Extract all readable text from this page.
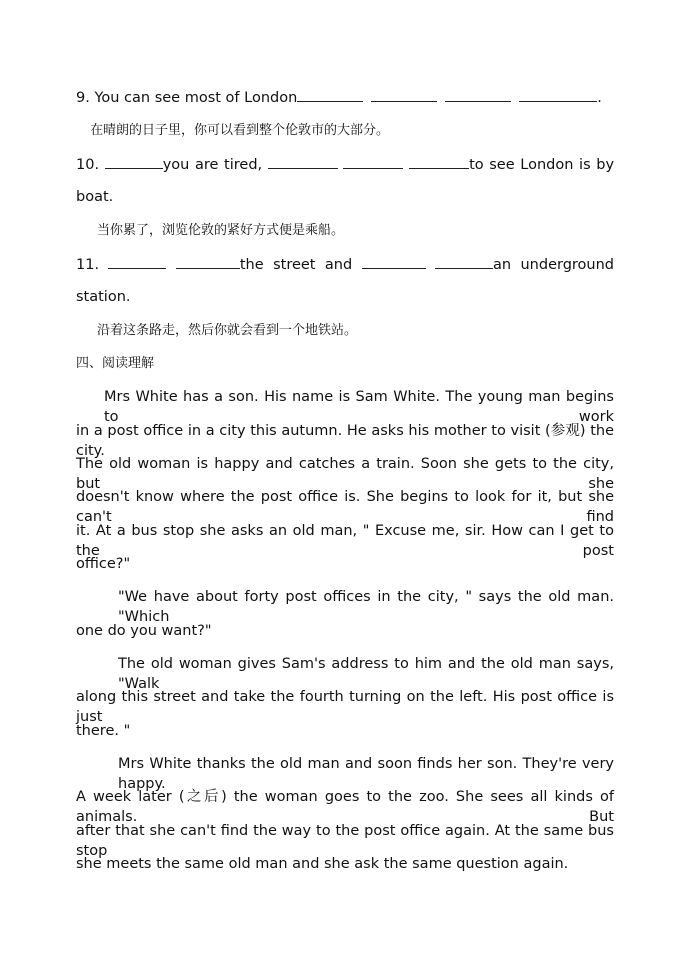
9. You can see most of London	.
在晴朗的日子里，你可以看到整个伦敦市的大部分。
10.	you are tired,	to see London is by
boat.
当你累了，浏览伦敦的紧好方式便是乘船。
11.	the street and	an underground
station.
沿着这条路走，然后你就会看到一个地铁站。
四、阅读理解
Mrs White has a son. His name is Sam White. The young man begins to work
in a post office in a city this autumn. He asks his mother to visit (参观) the city.
The old woman is happy and catches a train. Soon she gets to the city, but she
doesn't know where the post office is. She begins to look for it, but she can't find
it. At a bus stop she asks an old man, " Excuse me, sir. How can I get to the post
office?"
"We have about forty post offices in the city, " says the old man. "Which
one do you want?"
The old woman gives Sam's address to him and the old man says, "Walk
along this street and take the fourth turning on the left. His post office is just
there. "
Mrs White thanks the old man and soon finds her son. They're very happy.
A week later (之后) the woman goes to the zoo. She sees all kinds of animals. But
after that she can't find the way to the post office again. At the same bus stop
she meets the same old man and she ask the same question again.
